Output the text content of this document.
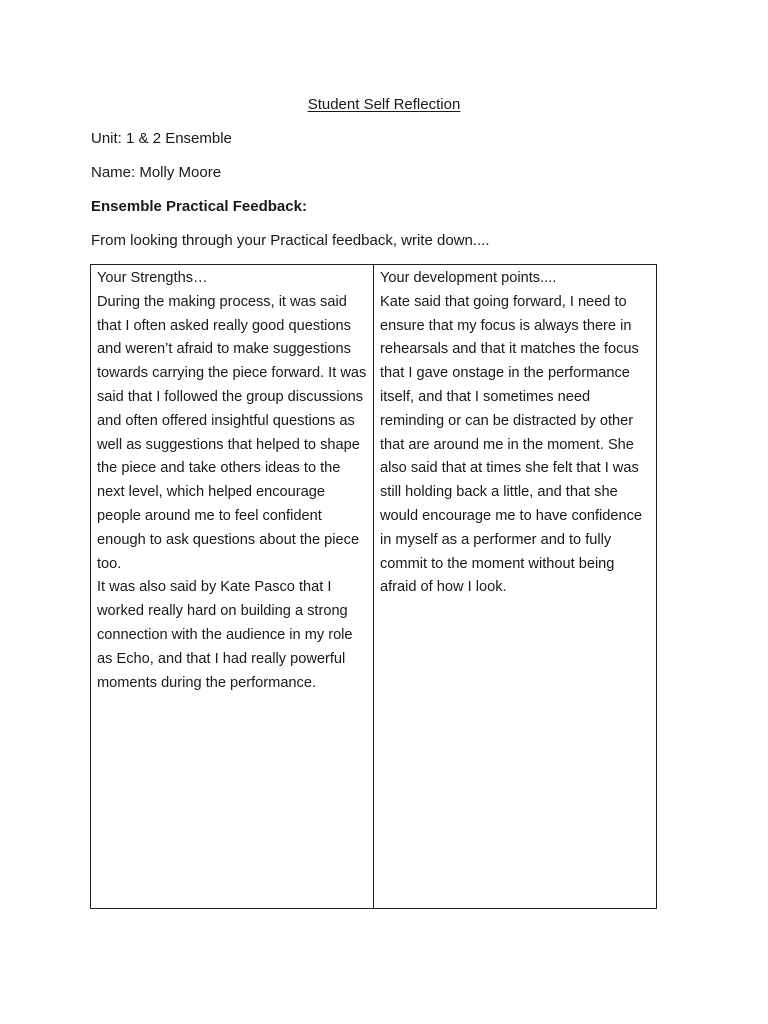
Student Self Reflection
Unit: 1 & 2 Ensemble
Name: Molly Moore
Ensemble Practical Feedback:
From looking through your Practical feedback, write down....

Your Strengths…

During the making process, it was said that I often asked really good questions and weren’t afraid to make suggestions towards carrying the piece forward. It was said that I followed the group discussions and often offered insightful questions as well as suggestions that helped to shape the piece and take others ideas to the next level, which helped encourage people around me to feel confident enough to ask questions about the piece too.

It was also said by Kate Pasco that I worked really hard on building a strong connection with the audience in my role as Echo, and that I had really powerful moments during the performance.

Your development points....

Kate said that going forward, I need to ensure that my focus is always there in rehearsals and that it matches the focus that I gave onstage in the performance itself, and that I sometimes need reminding or can be distracted by other that are around me in the moment. She also said that at times she felt that I was still holding back a little, and that she would encourage me to have confidence in myself as a performer and to fully commit to the moment without being afraid of how I look.
